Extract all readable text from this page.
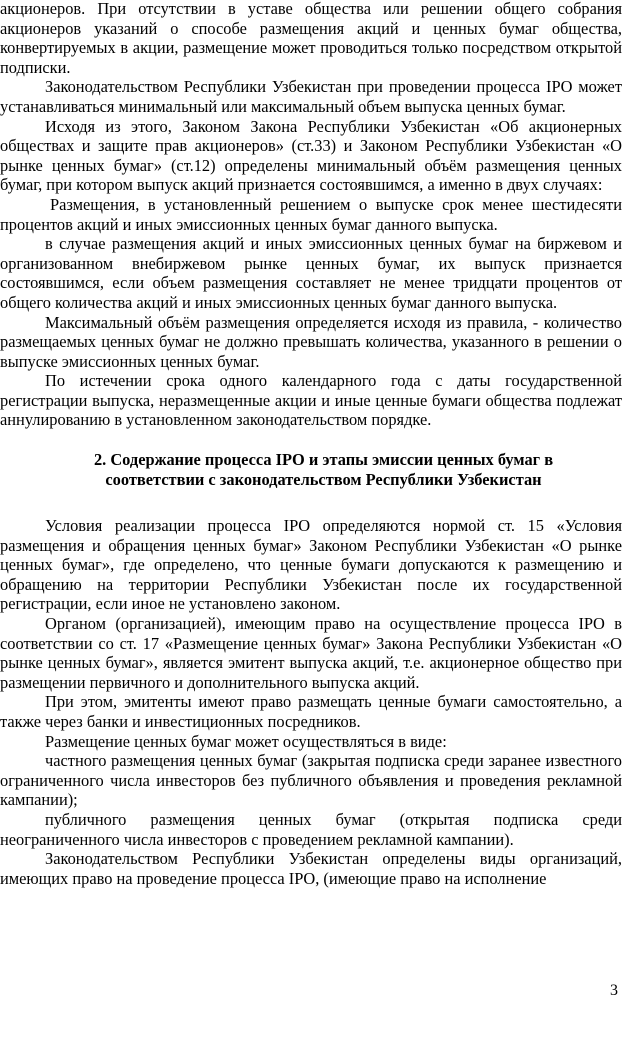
акционеров. При отсутствии в уставе общества или решении общего собрания акционеров указаний о способе размещения акций и ценных бумаг общества, конвертируемых в акции, размещение может проводиться только посредством открытой подписки.

Законодательством Республики Узбекистан при проведении процесса IPO может устанавливаться минимальный или максимальный объем выпуска ценных бумаг.

Исходя из этого, Законом Закона Республики Узбекистан «Об акционерных обществах и защите прав акционеров» (ст.33) и Законом Республики Узбекистан «О рынке ценных бумаг» (ст.12) определены минимальный объём размещения ценных бумаг, при котором выпуск акций признается состоявшимся, а именно в двух случаях:

Размещения, в установленный решением о выпуске срок менее шестидесяти процентов акций и иных эмиссионных ценных бумаг данного выпуска.

в случае размещения акций и иных эмиссионных ценных бумаг на биржевом и организованном внебиржевом рынке ценных бумаг, их выпуск признается состоявшимся, если объем размещения составляет не менее тридцати процентов от общего количества акций и иных эмиссионных ценных бумаг данного выпуска.

Максимальный объём размещения определяется исходя из правила, - количество размещаемых ценных бумаг не должно превышать количества, указанного в решении о выпуске эмиссионных ценных бумаг.

По истечении срока одного календарного года с даты государственной регистрации выпуска, неразмещенные акции и иные ценные бумаги общества подлежат аннулированию в установленном законодательством порядке.

2. Содержание процесса IPO и этапы эмиссии ценных бумаг в соответствии с законодательством Республики Узбекистан

Условия реализации процесса IPO определяются нормой ст. 15 «Условия размещения и обращения ценных бумаг» Законом Республики Узбекистан «О рынке ценных бумаг», где определено, что ценные бумаги допускаются к размещению и обращению на территории Республики Узбекистан после их государственной регистрации, если иное не установлено законом.

Органом (организацией), имеющим право на осуществление процесса IPO в соответствии со ст. 17 «Размещение ценных бумаг» Закона Республики Узбекистан «О рынке ценных бумаг», является эмитент выпуска акций, т.е. акционерное общество при размещении первичного и дополнительного выпуска акций.

При этом, эмитенты имеют право размещать ценные бумаги самостоятельно, а также через банки и инвестиционных посредников.

Размещение ценных бумаг может осуществляться в виде:

частного размещения ценных бумаг (закрытая подписка среди заранее известного ограниченного числа инвесторов без публичного объявления и проведения рекламной кампании);

публичного размещения ценных бумаг (открытая подписка среди неограниченного числа инвесторов с проведением рекламной кампании).

Законодательством Республики Узбекистан определены виды организаций, имеющих право на проведение процесса IPO, (имеющие право на исполнение

3
